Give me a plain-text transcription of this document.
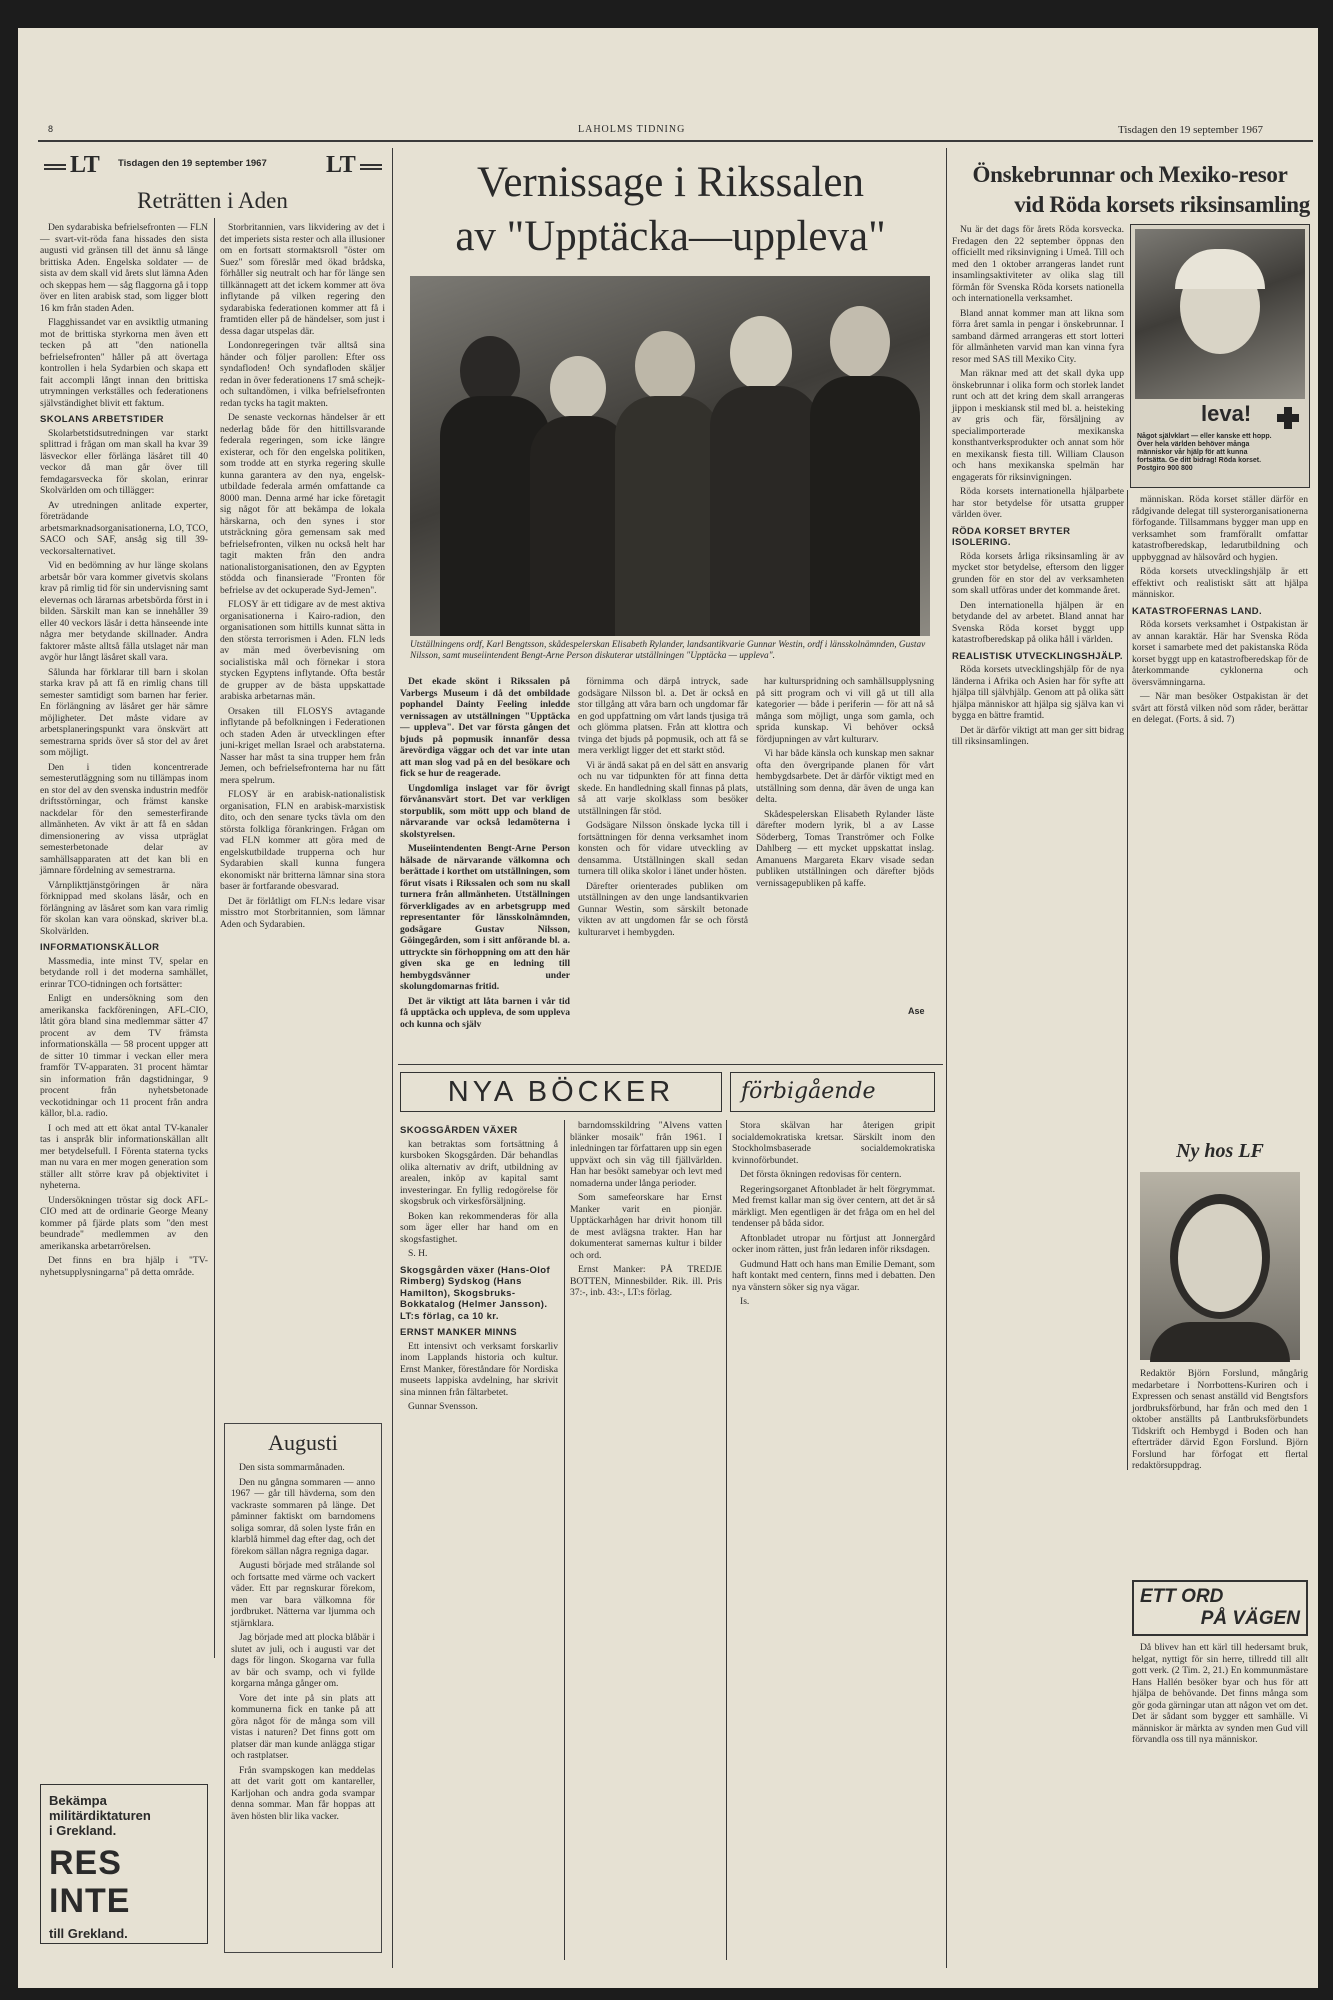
8	LAHOLMS TIDNING	Tisdagen den 19 september 1967
LT Tisdagen den 19 september 1967 LT
Reträtten i Aden

Den sydarabiska befrielsefronten — FLN — svart-vit-röda fana hissades den sista augusti vid gränsen till det ännu så länge brittiska Aden. Engelska soldater — de sista av dem skall vid årets slut lämna Aden och skeppas hem — såg flaggorna gå i topp över en liten arabisk stad, som ligger blott 16 km från staden Aden.

Flagghissandet var en avsiktlig utmaning mot de brittiska styrkorna men även ett tecken på att "den nationella befrielsefronten" håller på att övertaga kontrollen i hela Sydarbien och skapa ett fait accompli långt innan den brittiska utrymningen verkställes och federationens självständighet blivit ett faktum.

SKOLANS ARBETSTIDER

Skolarbetstidsutredningen var starkt splittrad i frågan om man skall ha kvar 39 läsveckor eller förlänga läsåret till 40 veckor då man går över till femdagarsvecka för skolan, erinrar Skolvärlden om och tillägger:

Av utredningen anlitade experter, företrädande arbetsmarknadsorganisationerna, LO, TCO, SACO och SAF, ansåg sig till 39-veckorsalternativet.

Vid en bedömning av hur länge skolans arbetsår bör vara kommer givetvis skolans krav på rimlig tid för sin undervisning samt elevernas och lärarnas arbetsbörda först in i bilden. Särskilt man kan se innehåller 39 eller 40 veckors läsår i detta hänseende inte några mer betydande skillnader. Andra faktorer måste alltså fälla utslaget när man avgör hur långt läsåret skall vara.

Sålunda har förklarar till barn i skolan starka krav på att få en rimlig chans till semester samtidigt som barnen har ferier. En förlängning av läsåret ger här sämre möjligheter. Det måste vidare av arbetsplaneringspunkt vara önskvärt att semestrarna sprids över så stor del av året som möjligt.

Den i tiden koncentrerade semesterutläggning som nu tillämpas inom en stor del av den svenska industrin medför driftsstörningar, och främst kanske nackdelar för den semesterfirande allmänheten. Av vikt är att få en sådan dimensionering av vissa utpräglat semesterbetonade delar av samhällsapparaten att det kan bli en jämnare fördelning av semestrarna.

Vårnplikttjänstgöringen är nära förknippad med skolans läsår, och en förlängning av läsåret som kan vara rimlig för skolan kan vara oönskad, skriver bl.a. Skolvärlden.

INFORMATIONSKÄLLOR

Massmedia, inte minst TV, spelar en betydande roll i det moderna samhället, erinrar TCO-tidningen och fortsätter:

Enligt en undersökning som den amerikanska fackföreningen, AFL-CIO, låtit göra bland sina medlemmar sätter 47 procent av dem TV främsta informationskälla — 58 procent uppger att de sitter 10 timmar i veckan eller mera framför TV-apparaten. 31 procent hämtar sin information från dagstidningar, 9 procent från nyhetsbetonade veckotidningar och 11 procent från andra källor, bl.a. radio.

I och med att ett ökat antal TV-kanaler tas i anspråk blir informationskällan allt mer betydelsefull. I Förenta staterna tycks man nu vara en mer mogen generation som ställer allt större krav på objektivitet i nyheterna.

Undersökningen tröstar sig dock AFL-CIO med att de ordinarie George Meany kommer på fjärde plats som "den mest beundrade" medlemmen av den amerikanska arbetarrörelsen.

Det finns en bra hjälp i "TV-nyhetsupplysningarna" på detta område.

Storbritannien, vars likvidering av det i det imperiets sista rester och alla illusioner om en fortsatt stormaktsroll "öster om Suez" som föreslår med ökad brådska, förhåller sig neutralt och har för länge sen tillkännagett att det ickem kommer att öva inflytande på vilken regering den sydarabiska federationen kommer att få i framtiden eller på de händelser, som just i dessa dagar utspelas där.

Londonregeringen tvär alltså sina händer och följer parollen: Efter oss syndafloden! Och syndafloden skäljer redan in över federationens 17 små schejk- och sultandömen, i vilka befrielsefronten redan tycks ha tagit makten.

De senaste veckornas händelser är ett nederlag både för den hittillsvarande federala regeringen, som icke längre existerar, och för den engelska politiken, som trodde att en styrka regering skulle kunna garantera av den nya, engelsk-utbildade federala armén omfattande ca 8000 man. Denna armé har icke företagit sig något för att bekämpa de lokala härskarna, och den synes i stor utsträckning göra gemensam sak med befrielsefronten, vilken nu också helt har tagit makten från den andra nationalistorganisationen, den av Egypten stödda och finansierade "Fronten för befrielse av det ockuperade Syd-Jemen".

FLOSY är ett tidigare av de mest aktiva organisationerna i Kairo-radion, den organisationen som hittills kunnat sätta in den största terrorismen i Aden. FLN leds av män med överbevisning om socialistiska mål och förnekar i stora stycken Egyptens inflytande. Ofta består de grupper av de bästa uppskattade arabiska arbetarnas män.

Orsaken till FLOSYS avtagande inflytande på befolkningen i Federationen och staden Aden är utvecklingen efter juni-kriget mellan Israel och arabstaterna. Nasser har måst ta sina trupper hem från Jemen, och befrielsefronterna har nu fått mera spelrum.

FLOSY är en arabisk-nationalistisk organisation, FLN en arabisk-marxistisk dito, och den senare tycks tävla om den största folkliga förankringen. Frågan om vad FLN kommer att göra med de engelskutbildade trupperna och hur Sydarabien skall kunna fungera ekonomiskt när britterna lämnar sina stora baser är fortfarande obesvarad.

Det är förlåtligt om FLN:s ledare visar misstro mot Storbritannien, som lämnar Aden och Sydarabien.

Augusti

Den sista sommarmånaden.

Den nu gångna sommaren — anno 1967 — går till hävderna, som den vackraste sommaren på länge. Det påminner faktiskt om barndomens soliga somrar, då solen lyste från en klarblå himmel dag efter dag, och det förekom sällan några regniga dagar.

Augusti började med strålande sol och fortsatte med värme och vackert väder. Ett par regnskurar förekom, men var bara välkomna för jordbruket. Nätterna var ljumma och stjärnklara.

Jag började med att plocka blåbär i slutet av juli, och i augusti var det dags för lingon. Skogarna var fulla av bär och svamp, och vi fyllde korgarna många gånger om.

Vore det inte på sin plats att kommunerna fick en tanke på att göra något för de många som vill vistas i naturen? Det finns gott om platser där man kunde anlägga stigar och rastplatser.

Från svampskogen kan meddelas att det varit gott om kantareller, Karljohan och andra goda svampar denna sommar. Man får hoppas att även hösten blir lika vacker.

Bekämpa
militärdiktaturen
i Grekland.
RES INTE
till Grekland.
Vernissage i Rikssalen
av "Upptäcka—uppleva"
Utställningens ordf, Karl Bengtsson, skådespelerskan Elisabeth Rylander, landsantikvarie Gunnar Westin, ordf i länsskolnämnden, Gustav Nilsson, samt museiintendent Bengt-Arne Person diskuterar utställningen "Upptäcka — uppleva".

Det ekade skönt i Rikssalen på Varbergs Museum i då det ombildade pophandel Dainty Feeling inledde vernissagen av utställningen "Upptäcka — uppleva". Det var första gången det bjuds på popmusik innanför dessa ärevördiga väggar och det var inte utan att man slog vad på en del besökare och fick se hur de reagerade.

Ungdomliga inslaget var för övrigt förvånansvärt stort. Det var verkligen storpublik, som mött upp och bland de närvarande var också ledamöterna i skolstyrelsen.

Museiintendenten Bengt-Arne Person hälsade de närvarande välkomna och berättade i korthet om utställningen, som förut visats i Rikssalen och som nu skall turnera från allmänheten. Utställningen förverkligades av en arbetsgrupp med representanter för länsskolnämnden, godsägare Gustav Nilsson, Göingegården, som i sitt anförande bl. a. uttryckte sin förhoppning om att den här given ska ge en ledning till hembygdsvänner under skolungdomarnas fritid.

Det är viktigt att låta barnen i vår tid få upptäcka och uppleva, de som uppleva och kunna och själv

förnimma och därpå intryck, sade godsägare Nilsson bl. a. Det är också en stor tillgång att våra barn och ungdomar får en god uppfattning om vårt lands tjusiga trä och glömma platsen. Från att klottra och tvinga det bjuds på popmusik, och att få se mera verkligt ligger det ett starkt stöd.

Vi är ändå sakat på en del sätt en ansvarig och nu var tidpunkten för att finna detta skede. En handledning skall finnas på plats, så att varje skolklass som besöker utställningen får stöd.

Godsägare Nilsson önskade lycka till i fortsättningen för denna verksamhet inom konsten och för vidare utveckling av densamma. Utställningen skall sedan turnera till olika skolor i länet under hösten.

Därefter orienterades publiken om utställningen av den unge landsantikvarien Gunnar Westin, som särskilt betonade vikten av att ungdomen får se och förstå kulturarvet i hembygden.

har kulturspridning och samhällsupplysning på sitt program och vi vill gå ut till alla kategorier — både i periferin — för att nå så många som möjligt, unga som gamla, och sprida kunskap. Vi behöver också fördjupningen av vårt kulturarv.

Vi har både känsla och kunskap men saknar ofta den övergripande planen för vårt hembygdsarbete. Det är därför viktigt med en utställning som denna, där även de unga kan delta.

Skådespelerskan Elisabeth Rylander läste därefter modern lyrik, bl a av Lasse Söderberg, Tomas Tranströmer och Folke Dahlberg — ett mycket uppskattat inslag. Amanuens Margareta Ekarv visade sedan publiken utställningen och därefter bjöds vernissagepubliken på kaffe.

Ase
NYA BÖCKER	förbigående
SKOGSGÅRDEN VÄXER

kan betraktas som fortsättning å kursboken Skogsgården. Där behandlas olika alternativ av drift, utbildning av arealen, inköp av kapital samt investeringar. En fyllig redogörelse för skogsbruk och virkesförsäljning.

Boken kan rekommenderas för alla som äger eller har hand om en skogsfastighet.

S. H.

Skogsgården växer (Hans-Olof Rimberg) Sydskog (Hans Hamilton), Skogsbruks-Bokkatalog (Helmer Jansson). LT:s förlag, ca 10 kr.
ERNST MANKER MINNS

Ett intensivt och verksamt forskarliv inom Lapplands historia och kultur. Ernst Manker, föreståndare för Nordiska museets lappiska avdelning, har skrivit sina minnen från fältarbetet.

Gunnar Svensson.

barndomsskildring "Alvens vatten blänker mosaik" från 1961. I inledningen tar författaren upp sin egen uppväxt och sin väg till fjällvärlden. Han har besökt samebyar och levt med nomaderna under långa perioder.

Som samefeorskare har Ernst Manker varit en pionjär. Upptäckarhågen har drivit honom till de mest avlägsna trakter. Han har dokumenterat samernas kultur i bilder och ord.

Ernst Manker: PÅ TREDJE BOTTEN, Minnesbilder. Rik. ill. Pris 37:-, inb. 43:-, LT:s förlag.

Stora skälvan har återigen gripit socialdemokratiska kretsar. Särskilt inom den Stockholmsbaserade socialdemokratiska kvinnoförbundet.

Det första ökningen redovisas för centern.

Regeringsorganet Aftonbladet är helt förgrymmat. Med fremst kallar man sig över centern, att det är så märkligt. Men egentligen är det fråga om en hel del tendenser på båda sidor.

Aftonbladet utropar nu förtjust att Jonnergård ocker inom rätten, just från ledaren inför riksdagen.

Gudmund Hatt och hans man Emilie Demant, som haft kontakt med centern, finns med i debatten. Den nya vänstern söker sig nya vägar.

Is.

Önskebrunnar och Mexiko-resor
vid Röda korsets riksinsamling
leva!
Något självklart — eller kanske ett hopp. Över hela världen behöver många människor vår hjälp för att kunna fortsätta. Ge ditt bidrag! Röda korset. Postgiro 900 800

Nu är det dags för årets Röda korsvecka. Fredagen den 22 september öppnas den officiellt med riksinvigning i Umeå. Till och med den 1 oktober arrangeras landet runt insamlingsaktiviteter av olika slag till förmån för Svenska Röda korsets nationella och internationella verksamhet.

Bland annat kommer man att likna som förra året samla in pengar i önskebrunnar. I samband därmed arrangeras ett stort lotteri för allmänheten varvid man kan vinna fyra resor med SAS till Mexiko City.

Man räknar med att det skall dyka upp önskebrunnar i olika form och storlek landet runt och att det kring dem skall arrangeras jippon i meskiansk stil med bl. a. heisteking av gris och fär, försäljning av specialimporterade mexikanska konsthantverksprodukter och annat som hör en mexikansk fiesta till. William Clauson och hans mexikanska spelmän har engagerats för riksinvigningen.

Röda korsets internationella hjälparbete har stor betydelse för utsatta grupper världen över.

RÖDA KORSET BRYTER ISOLERING.

Röda korsets årliga riksinsamling är av mycket stor betydelse, eftersom den ligger grunden för en stor del av verksamheten som skall utföras under det kommande året.

Den internationella hjälpen är en betydande del av arbetet. Bland annat har Svenska Röda korset byggt upp katastrofberedskap på olika håll i världen.

REALISTISK UTVECKLINGSHJÄLP.

Röda korsets utvecklingshjälp för de nya länderna i Afrika och Asien har för syfte att hjälpa till självhjälp. Genom att på olika sätt hjälpa människor att hjälpa sig själva kan vi bygga en bättre framtid.

Det är därför viktigt att man ger sitt bidrag till riksinsamlingen.

människan. Röda korset ställer därför en rådgivande delegat till systerorganisationerna förfogande. Tillsammans bygger man upp en verksamhet som framförallt omfattar katastrofberedskap, ledarutbildning och uppbyggnad av hälsovård och hygien.

Röda korsets utvecklingshjälp är ett effektivt och realistiskt sätt att hjälpa människor.

KATASTROFERNAS LAND.

Röda korsets verksamhet i Ostpakistan är av annan karaktär. Här har Svenska Röda korset i samarbete med det pakistanska Röda korset byggt upp en katastrofberedskap för de återkommande cyklonerna och översvämningarna.

— När man besöker Ostpakistan är det svårt att förstå vilken nöd som råder, berättar en delegat. (Forts. å sid. 7)

Ny hos LF

Redaktör Björn Forslund, mångårig medarbetare i Norrbottens-Kuriren och i Expressen och senast anställd vid Bengtsfors jordbruksförbund, har från och med den 1 oktober anställts på Lantbruksförbundets Tidskrift och Hembygd i Boden och han efterträder därvid Egon Forslund. Björn Forslund har förfogat ett flertal redaktörsuppdrag.

ETT ORD
PÅ VÄGEN

Då blivev han ett kärl till hedersamt bruk, helgat, nyttigt för sin herre, tillredd till allt gott verk. (2 Tim. 2, 21.) En kommunmästare Hans Hallén besöker byar och hus för att hjälpa de behövande. Det finns många som gör goda gärningar utan att någon vet om det. Det är sådant som bygger ett samhälle. Vi människor är märkta av synden men Gud vill förvandla oss till nya människor.
